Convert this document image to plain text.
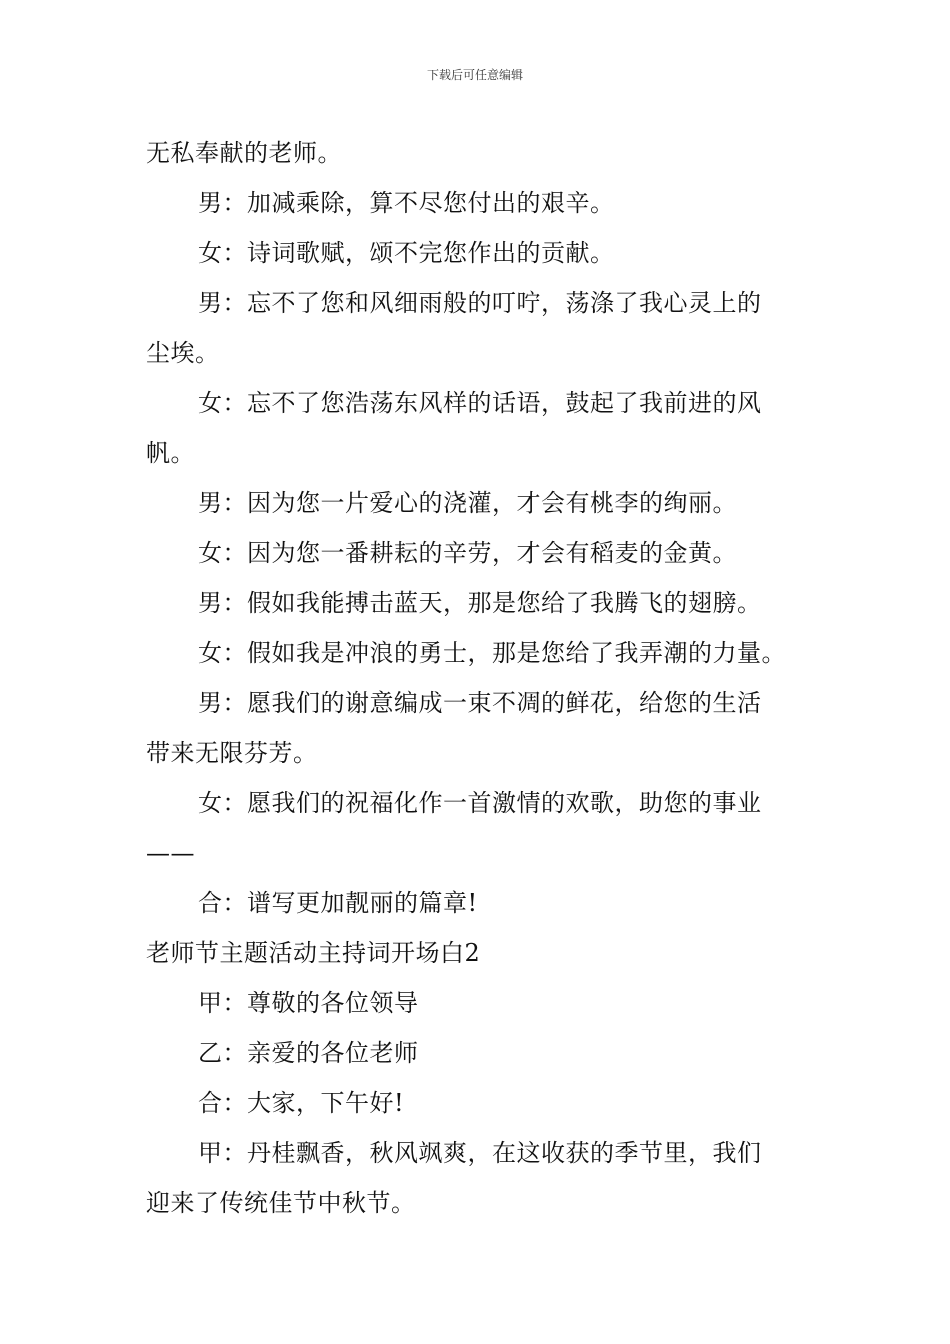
下载后可任意编辑
无私奉献的老师。
男：加减乘除，算不尽您付出的艰辛。
女：诗词歌赋，颂不完您作出的贡献。
男：忘不了您和风细雨般的叮咛，荡涤了我心灵上的
尘埃。
女：忘不了您浩荡东风样的话语，鼓起了我前进的风
帆。
男：因为您一片爱心的浇灌，才会有桃李的绚丽。
女：因为您一番耕耘的辛劳，才会有稻麦的金黄。
男：假如我能搏击蓝天，那是您给了我腾飞的翅膀。
女：假如我是冲浪的勇士，那是您给了我弄潮的力量。
男：愿我们的谢意编成一束不凋的鲜花，给您的生活
带来无限芬芳。
女：愿我们的祝福化作一首激情的欢歌，助您的事业
——
合：谱写更加靓丽的篇章!
老师节主题活动主持词开场白2
甲：尊敬的各位领导
乙：亲爱的各位老师
合：大家，下午好!
甲：丹桂飘香，秋风飒爽，在这收获的季节里，我们
迎来了传统佳节中秋节。
